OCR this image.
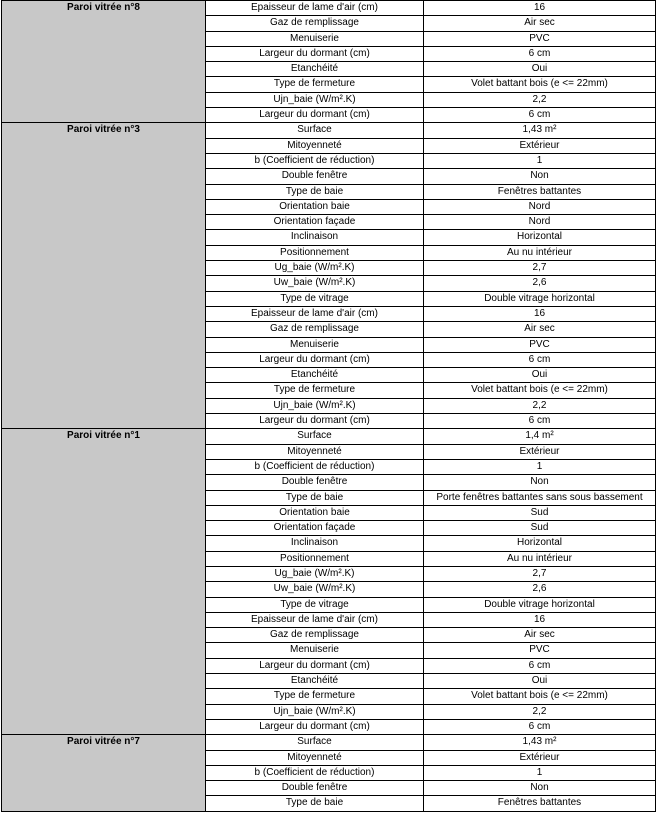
Paroi vitrée n°8	Epaisseur de lame d'air (cm)	16
	Gaz de remplissage	Air sec
	Menuiserie	PVC
	Largeur du dormant (cm)	6 cm
	Etanchéité	Oui
	Type de fermeture	Volet battant bois (e <= 22mm)
	Ujn_baie (W/m².K)	2,2
	Largeur du dormant (cm)	6 cm
Paroi vitrée n°3	Surface	1,43 m²
	Mitoyenneté	Extérieur
	b (Coefficient de réduction)	1
	Double fenêtre	Non
	Type de baie	Fenêtres battantes
	Orientation baie	Nord
	Orientation façade	Nord
	Inclinaison	Horizontal
	Positionnement	Au nu intérieur
	Ug_baie (W/m².K)	2,7
	Uw_baie (W/m².K)	2,6
	Type de vitrage	Double vitrage horizontal
	Epaisseur de lame d'air (cm)	16
	Gaz de remplissage	Air sec
	Menuiserie	PVC
	Largeur du dormant (cm)	6 cm
	Etanchéité	Oui
	Type de fermeture	Volet battant bois (e <= 22mm)
	Ujn_baie (W/m².K)	2,2
	Largeur du dormant (cm)	6 cm
Paroi vitrée n°1	Surface	1,4 m²
	Mitoyenneté	Extérieur
	b (Coefficient de réduction)	1
	Double fenêtre	Non
	Type de baie	Porte fenêtres battantes sans sous bassement
	Orientation baie	Sud
	Orientation façade	Sud
	Inclinaison	Horizontal
	Positionnement	Au nu intérieur
	Ug_baie (W/m².K)	2,7
	Uw_baie (W/m².K)	2,6
	Type de vitrage	Double vitrage horizontal
	Epaisseur de lame d'air (cm)	16
	Gaz de remplissage	Air sec
	Menuiserie	PVC
	Largeur du dormant (cm)	6 cm
	Etanchéité	Oui
	Type de fermeture	Volet battant bois (e <= 22mm)
	Ujn_baie (W/m².K)	2,2
	Largeur du dormant (cm)	6 cm
Paroi vitrée n°7	Surface	1,43 m²
	Mitoyenneté	Extérieur
	b (Coefficient de réduction)	1
	Double fenêtre	Non
	Type de baie	Fenêtres battantes
